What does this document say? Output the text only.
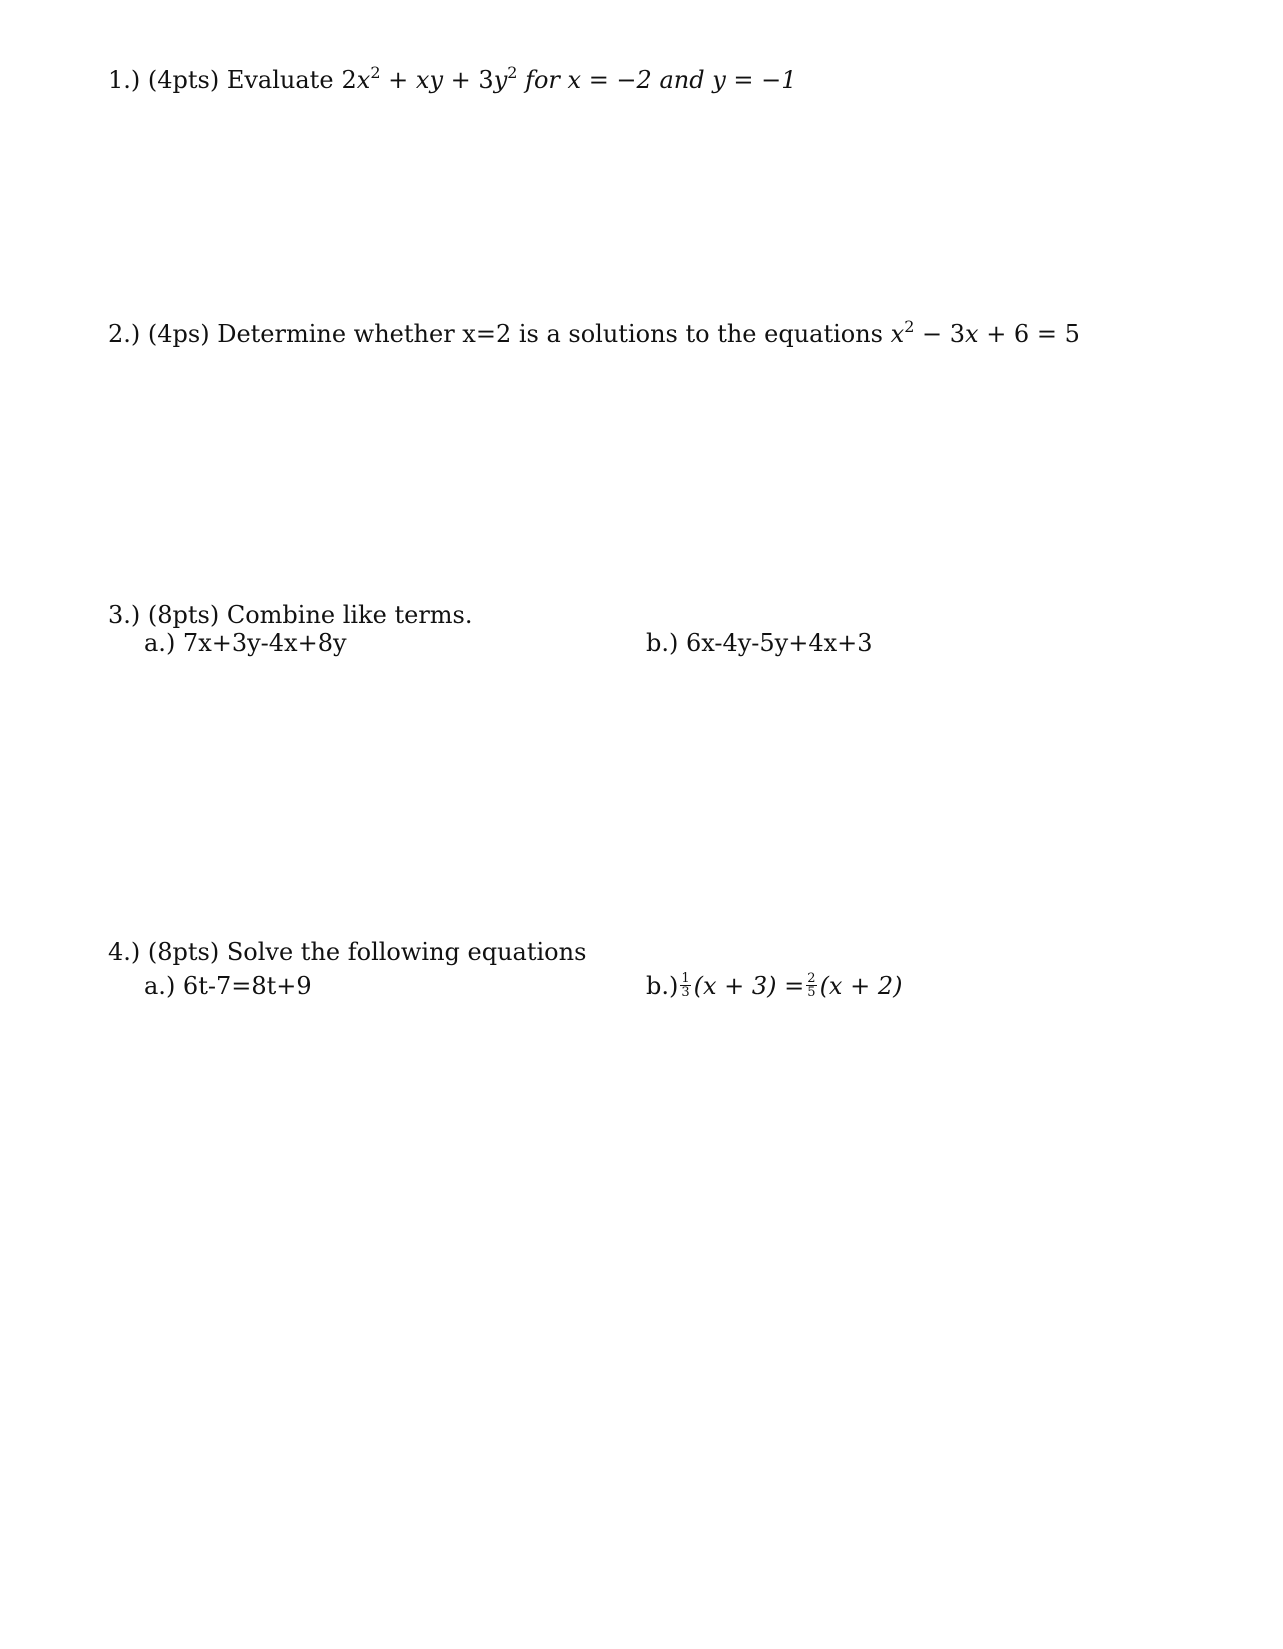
1.) (4pts) Evaluate $2x^2$ + xy + $3y^2$ for x = −2 and y = −1
2.) (4ps) Determine whether x=2 is a solutions to the equations $x^2 - 3x + 6 = 5$
3.) (8pts) Combine like terms.
a.) 7x+3y-4x+8y	b.) 6x-4y-5y+4x+3
4.) (8pts) Solve the following equations
a.) 6t-7=8t+9	$b.) \frac{1}{3} (x + 3) = \frac{2}{5} (x + 2)$
